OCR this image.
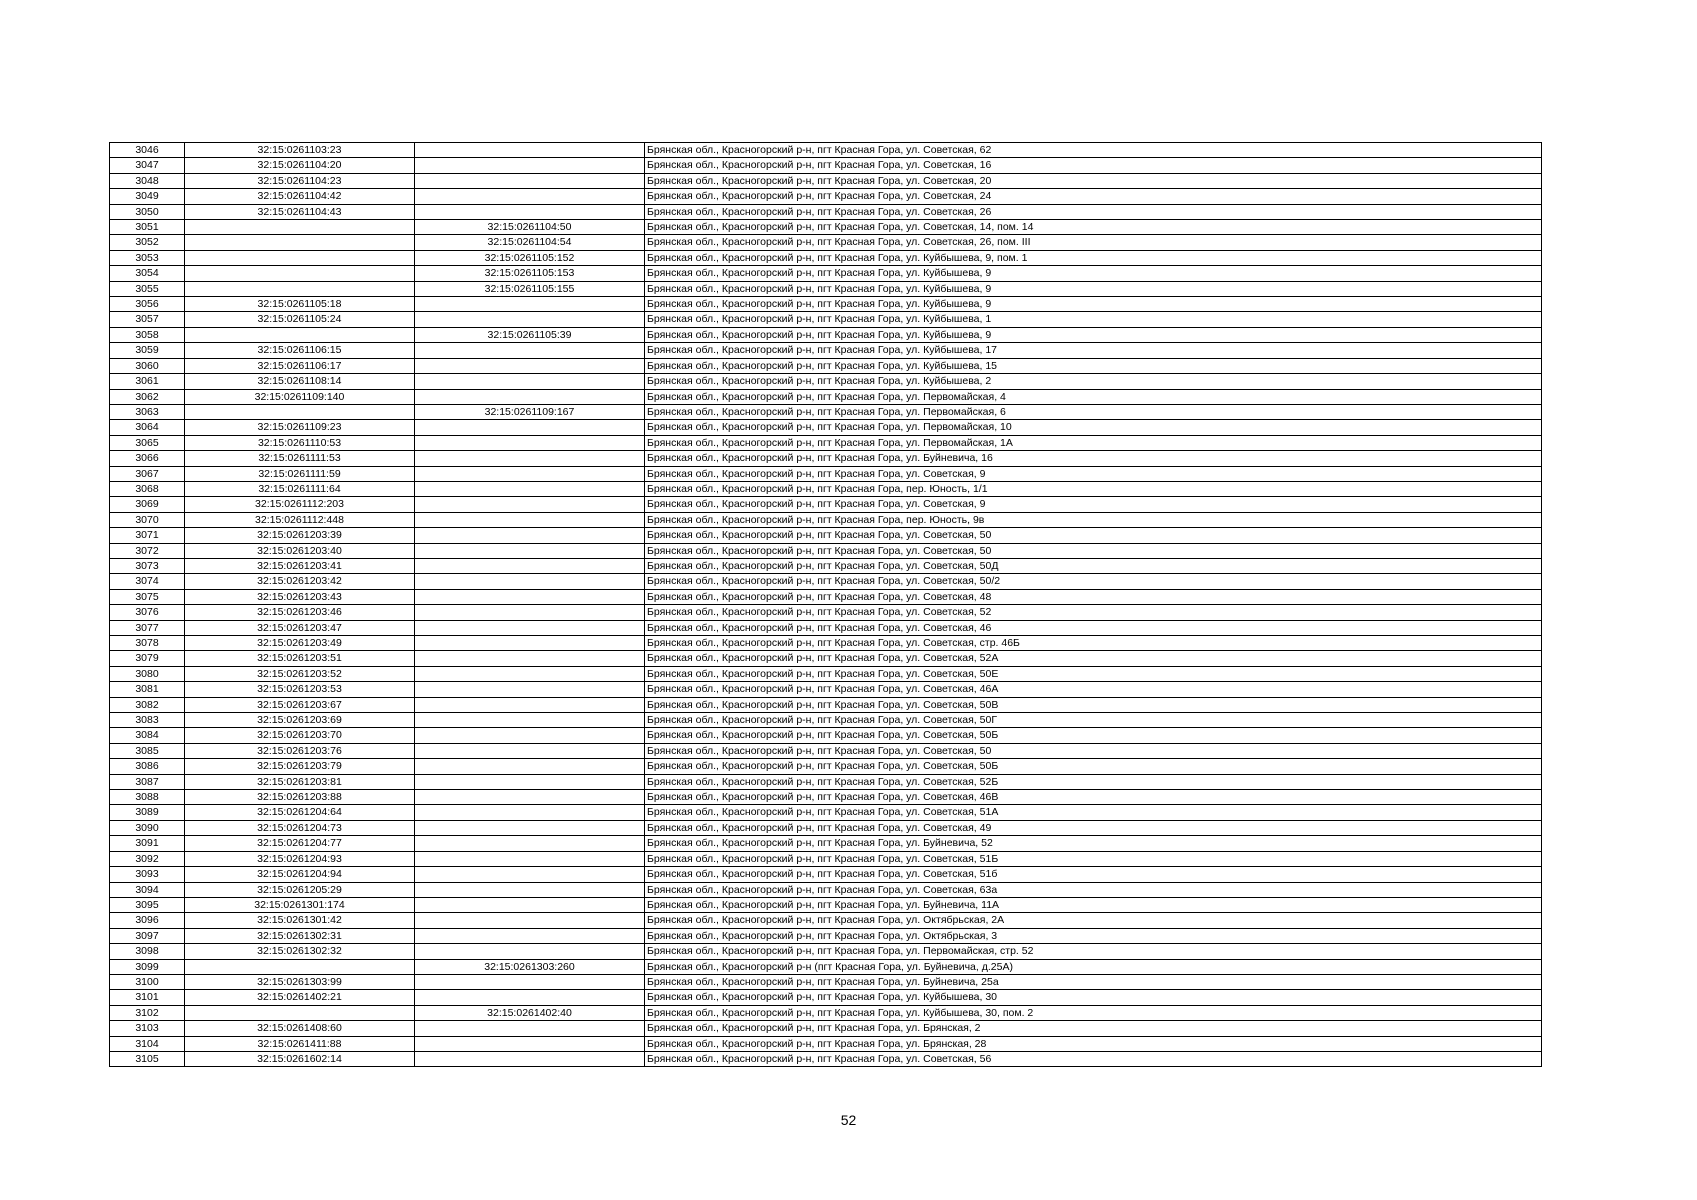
3046	32:15:0261103:23		Брянская обл., Красногорский р-н, пгт Красная Гора, ул. Советская, 62
3047	32:15:0261104:20		Брянская обл., Красногорский р-н, пгт Красная Гора, ул. Советская, 16
3048	32:15:0261104:23		Брянская обл., Красногорский р-н, пгт Красная Гора, ул. Советская, 20
3049	32:15:0261104:42		Брянская обл., Красногорский р-н, пгт Красная Гора, ул. Советская, 24
3050	32:15:0261104:43		Брянская обл., Красногорский р-н, пгт Красная Гора, ул. Советская, 26
3051		32:15:0261104:50	Брянская обл., Красногорский р-н, пгт Красная Гора, ул. Советская, 14, пом. 14
3052		32:15:0261104:54	Брянская обл., Красногорский р-н, пгт Красная Гора, ул. Советская, 26, пом. III
3053		32:15:0261105:152	Брянская обл., Красногорский р-н, пгт Красная Гора, ул. Куйбышева, 9, пом. 1
3054		32:15:0261105:153	Брянская обл., Красногорский р-н, пгт Красная Гора, ул. Куйбышева, 9
3055		32:15:0261105:155	Брянская обл., Красногорский р-н, пгт Красная Гора, ул. Куйбышева, 9
3056	32:15:0261105:18		Брянская обл., Красногорский р-н, пгт Красная Гора, ул. Куйбышева, 9
3057	32:15:0261105:24		Брянская обл., Красногорский р-н, пгт Красная Гора, ул. Куйбышева, 1
3058		32:15:0261105:39	Брянская обл., Красногорский р-н, пгт Красная Гора, ул. Куйбышева, 9
3059	32:15:0261106:15		Брянская обл., Красногорский р-н, пгт Красная Гора, ул. Куйбышева, 17
3060	32:15:0261106:17		Брянская обл., Красногорский р-н, пгт Красная Гора, ул. Куйбышева, 15
3061	32:15:0261108:14		Брянская обл., Красногорский р-н, пгт Красная Гора, ул. Куйбышева, 2
3062	32:15:0261109:140		Брянская обл., Красногорский р-н, пгт Красная Гора, ул. Первомайская, 4
3063		32:15:0261109:167	Брянская обл., Красногорский р-н, пгт Красная Гора, ул. Первомайская, 6
3064	32:15:0261109:23		Брянская обл., Красногорский р-н, пгт Красная Гора, ул. Первомайская, 10
3065	32:15:0261110:53		Брянская обл., Красногорский р-н, пгт Красная Гора, ул. Первомайская, 1А
3066	32:15:0261111:53		Брянская обл., Красногорский р-н, пгт Красная Гора, ул. Буйневича, 16
3067	32:15:0261111:59		Брянская обл., Красногорский р-н, пгт Красная Гора, ул. Советская, 9
3068	32:15:0261111:64		Брянская обл., Красногорский р-н, пгт Красная Гора, пер. Юность, 1/1
3069	32:15:0261112:203		Брянская обл., Красногорский р-н, пгт Красная Гора, ул. Советская, 9
3070	32:15:0261112:448		Брянская обл., Красногорский р-н, пгт Красная Гора, пер. Юность, 9в
3071	32:15:0261203:39		Брянская обл., Красногорский р-н, пгт Красная Гора, ул. Советская, 50
3072	32:15:0261203:40		Брянская обл., Красногорский р-н, пгт Красная Гора, ул. Советская, 50
3073	32:15:0261203:41		Брянская обл., Красногорский р-н, пгт Красная Гора, ул. Советская, 50Д
3074	32:15:0261203:42		Брянская обл., Красногорский р-н, пгт Красная Гора, ул. Советская, 50/2
3075	32:15:0261203:43		Брянская обл., Красногорский р-н, пгт Красная Гора, ул. Советская, 48
3076	32:15:0261203:46		Брянская обл., Красногорский р-н, пгт Красная Гора, ул. Советская, 52
3077	32:15:0261203:47		Брянская обл., Красногорский р-н, пгт Красная Гора, ул. Советская, 46
3078	32:15:0261203:49		Брянская обл., Красногорский р-н, пгт Красная Гора, ул. Советская, стр. 46Б
3079	32:15:0261203:51		Брянская обл., Красногорский р-н, пгт Красная Гора, ул. Советская, 52А
3080	32:15:0261203:52		Брянская обл., Красногорский р-н, пгт Красная Гора, ул. Советская, 50Е
3081	32:15:0261203:53		Брянская обл., Красногорский р-н, пгт Красная Гора, ул. Советская, 46А
3082	32:15:0261203:67		Брянская обл., Красногорский р-н, пгт Красная Гора, ул. Советская, 50В
3083	32:15:0261203:69		Брянская обл., Красногорский р-н, пгт Красная Гора, ул. Советская, 50Г
3084	32:15:0261203:70		Брянская обл., Красногорский р-н, пгт Красная Гора, ул. Советская, 50Б
3085	32:15:0261203:76		Брянская обл., Красногорский р-н, пгт Красная Гора, ул. Советская, 50
3086	32:15:0261203:79		Брянская обл., Красногорский р-н, пгт Красная Гора, ул. Советская, 50Б
3087	32:15:0261203:81		Брянская обл., Красногорский р-н, пгт Красная Гора, ул. Советская, 52Б
3088	32:15:0261203:88		Брянская обл., Красногорский р-н, пгт Красная Гора, ул. Советская, 46В
3089	32:15:0261204:64		Брянская обл., Красногорский р-н, пгт Красная Гора, ул. Советская, 51А
3090	32:15:0261204:73		Брянская обл., Красногорский р-н, пгт Красная Гора, ул. Советская, 49
3091	32:15:0261204:77		Брянская обл., Красногорский р-н, пгт Красная Гора, ул. Буйневича, 52
3092	32:15:0261204:93		Брянская обл., Красногорский р-н, пгт Красная Гора, ул. Советская, 51Б
3093	32:15:0261204:94		Брянская обл., Красногорский р-н, пгт Красная Гора, ул. Советская, 51б
3094	32:15:0261205:29		Брянская обл., Красногорский р-н, пгт Красная Гора, ул. Советская, 63а
3095	32:15:0261301:174		Брянская обл., Красногорский р-н, пгт Красная Гора, ул. Буйневича, 11А
3096	32:15:0261301:42		Брянская обл., Красногорский р-н, пгт Красная Гора, ул. Октябрьская, 2А
3097	32:15:0261302:31		Брянская обл., Красногорский р-н, пгт Красная Гора, ул. Октябрьская, 3
3098	32:15:0261302:32		Брянская обл., Красногорский р-н, пгт Красная Гора, ул. Первомайская, стр. 52
3099		32:15:0261303:260	Брянская обл., Красногорский р-н (пгт Красная Гора, ул. Буйневича, д.25А)
3100	32:15:0261303:99		Брянская обл., Красногорский р-н, пгт Красная Гора, ул. Буйневича, 25а
3101	32:15:0261402:21		Брянская обл., Красногорский р-н, пгт Красная Гора, ул. Куйбышева, 30
3102		32:15:0261402:40	Брянская обл., Красногорский р-н, пгт Красная Гора, ул. Куйбышева, 30, пом. 2
3103	32:15:0261408:60		Брянская обл., Красногорский р-н, пгт Красная Гора, ул. Брянская, 2
3104	32:15:0261411:88		Брянская обл., Красногорский р-н, пгт Красная Гора, ул. Брянская, 28
3105	32:15:0261602:14		Брянская обл., Красногорский р-н, пгт Красная Гора, ул. Советская, 56
52
